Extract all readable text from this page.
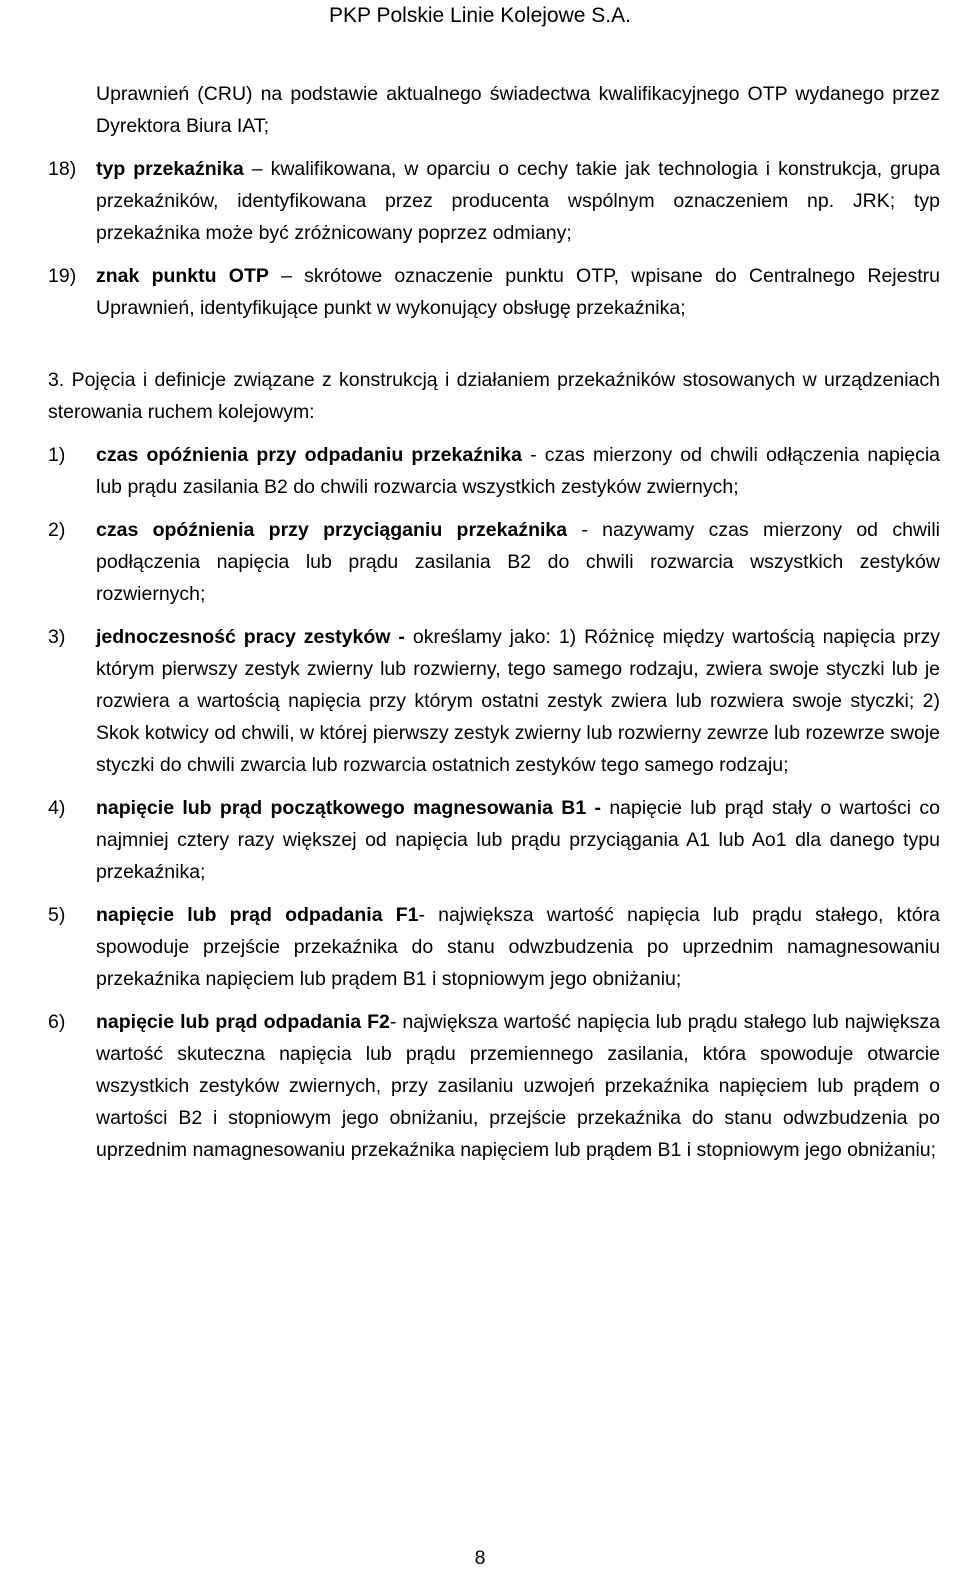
PKP Polskie Linie Kolejowe S.A.

Uprawnień (CRU) na podstawie aktualnego świadectwa kwalifikacyjnego OTP wydanego przez Dyrektora Biura IAT;

18)	typ przekaźnika – kwalifikowana, w oparciu o cechy takie jak technologia i konstrukcja, grupa przekaźników, identyfikowana przez producenta wspólnym oznaczeniem np. JRK; typ przekaźnika może być zróżnicowany poprzez odmiany;
19)	znak punktu OTP – skrótowe oznaczenie punktu OTP, wpisane do Centralnego Rejestru Uprawnień, identyfikujące punkt w wykonujący obsługę przekaźnika;

3. Pojęcia i definicje związane z konstrukcją i działaniem przekaźników stosowanych w urządzeniach sterowania ruchem kolejowym:

1)	czas opóźnienia przy odpadaniu przekaźnika - czas mierzony od chwili odłączenia napięcia lub prądu zasilania B2 do chwili rozwarcia wszystkich zestyków zwiernych;
2)	czas opóźnienia przy przyciąganiu przekaźnika - nazywamy czas mierzony od chwili podłączenia napięcia lub prądu zasilania B2 do chwili rozwarcia wszystkich zestyków rozwiernych;
3)	jednoczesność pracy zestyków - określamy jako: 1) Różnicę między wartością napięcia przy którym pierwszy zestyk zwierny lub rozwierny, tego samego rodzaju, zwiera swoje styczki lub je rozwiera a wartością napięcia przy którym ostatni zestyk zwiera lub rozwiera swoje styczki; 2) Skok kotwicy od chwili, w której pierwszy zestyk zwierny lub rozwierny zewrze lub rozewrze swoje styczki do chwili zwarcia lub rozwarcia ostatnich zestyków tego samego rodzaju;
4)	napięcie lub prąd początkowego magnesowania B1 - napięcie lub prąd stały o wartości co najmniej cztery razy większej od napięcia lub prądu przyciągania A1 lub Ao1 dla danego typu przekaźnika;
5)	napięcie lub prąd odpadania F1- największa wartość napięcia lub prądu stałego, która spowoduje przejście przekaźnika do stanu odwzbudzenia po uprzednim namagnesowaniu przekaźnika napięciem lub prądem B1 i stopniowym jego obniżaniu;
6)	napięcie lub prąd odpadania F2- największa wartość napięcia lub prądu stałego lub największa wartość skuteczna napięcia lub prądu przemiennego zasilania, która spowoduje otwarcie wszystkich zestyków zwiernych, przy zasilaniu uzwojeń przekaźnika napięciem lub prądem o wartości B2 i stopniowym jego obniżaniu, przejście przekaźnika do stanu odwzbudzenia po uprzednim namagnesowaniu przekaźnika napięciem lub prądem B1 i stopniowym jego obniżaniu;
8
